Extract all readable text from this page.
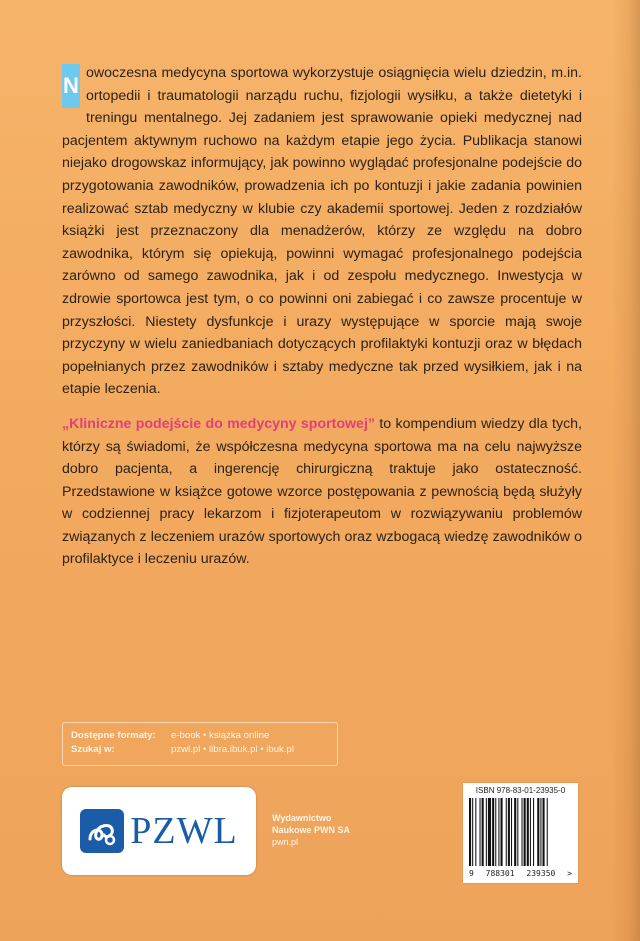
N owoczesna medycyna sportowa wykorzystuje osiągnięcia wielu dziedzin, m.in. ortopedii i traumatologii narządu ruchu, fizjologii wysiłku, a także dietetyki i treningu mentalnego. Jej zadaniem jest sprawowanie opieki medycznej nad pacjentem aktywnym ruchowo na każdym etapie jego życia. Publikacja stanowi niejako drogowskaz informujący, jak powinno wyglądać profesjonalne podejście do przygotowania zawodników, prowadzenia ich po kontuzji i jakie zadania powinien realizować sztab medyczny w klubie czy akademii sportowej. Jeden z rozdziałów książki jest przeznaczony dla menadżerów, którzy ze względu na dobro zawodnika, którym się opiekują, powinni wymagać profesjonalnego podejścia zarówno od samego zawodnika, jak i od zespołu medycznego. Inwestycja w zdrowie sportowca jest tym, o co powinni oni zabiegać i co zawsze procentuje w przyszłości. Niestety dysfunkcje i urazy występujące w sporcie mają swoje przyczyny w wielu zaniedbaniach dotyczących profilaktyki kontuzji oraz w błędach popełnianych przez zawodników i sztaby medyczne tak przed wysiłkiem, jak i na etapie leczenia.

„Kliniczne podejście do medycyny sportowej” to kompendium wiedzy dla tych, którzy są świadomi, że współczesna medycyna sportowa ma na celu najwyższe dobro pacjenta, a ingerencję chirurgiczną traktuje jako ostateczność. Przedstawione w książce gotowe wzorce postępowania z pewnością będą służyły w codziennej pracy lekarzom i fizjoterapeutom w rozwiązywaniu problemów związanych z leczeniem urazów sportowych oraz wzbogacą wiedzę zawodników o profilaktyce i leczeniu urazów.

Dostępne formaty:	e-book • książka online
Szukaj w:	pzwl.pl • libra.ibuk.pl • ibuk.pl
PZWL	Wydawnictwo
Naukowe PWN SA
pwn.pl
ISBN 978-83-01-23935-0
9 788301 239350 >
